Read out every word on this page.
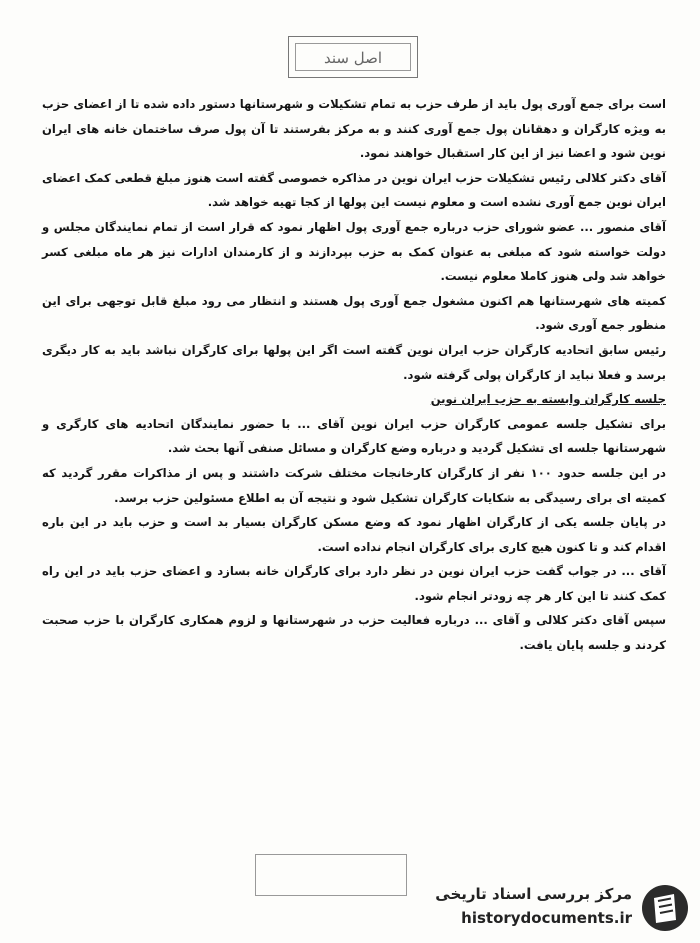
اصل سند

است برای جمع آوری پول باید از طرف حزب به تمام تشکیلات و شهرستانها دستور داده شده تا از اعضای حزب به ویژه کارگران و دهقانان پول جمع آوری کنند و به مرکز بفرستند تا آن پول صرف ساختمان خانه های ایران نوین شود و اعضا نیز از این کار استقبال خواهند نمود.

آقای دکتر کلالی رئیس تشکیلات حزب ایران نوین در مذاکره خصوصی گفته است هنوز مبلغ قطعی کمک اعضای ایران نوین جمع آوری نشده است و معلوم نیست این پولها از کجا تهیه خواهد شد.

آقای منصور ... عضو شورای حزب درباره جمع آوری پول اظهار نمود که قرار است از تمام نمایندگان مجلس و دولت خواسته شود که مبلغی به عنوان کمک به حزب بپردازند و از کارمندان ادارات نیز هر ماه مبلغی کسر خواهد شد ولی هنوز کاملا معلوم نیست.

کمیته های شهرستانها هم اکنون مشغول جمع آوری پول هستند و انتظار می رود مبلغ قابل توجهی برای این منظور جمع آوری شود.

رئیس سابق اتحادیه کارگران حزب ایران نوین گفته است اگر این پولها برای کارگران نباشد باید به کار دیگری برسد و فعلا نباید از کارگران پولی گرفته شود.

جلسه کارگران وابسته به حزب ایران نوین

برای تشکیل جلسه عمومی کارگران حزب ایران نوین آقای ... با حضور نمایندگان اتحادیه های کارگری و شهرستانها جلسه ای تشکیل گردید و درباره وضع کارگران و مسائل صنفی آنها بحث شد.

در این جلسه حدود ۱۰۰ نفر از کارگران کارخانجات مختلف شرکت داشتند و پس از مذاکرات مقرر گردید که کمیته ای برای رسیدگی به شکایات کارگران تشکیل شود و نتیجه آن به اطلاع مسئولین حزب برسد.

در پایان جلسه یکی از کارگران اظهار نمود که وضع مسکن کارگران بسیار بد است و حزب باید در این باره اقدام کند و تا کنون هیچ کاری برای کارگران انجام نداده است.

آقای ... در جواب گفت حزب ایران نوین در نظر دارد برای کارگران خانه بسازد و اعضای حزب باید در این راه کمک کنند تا این کار هر چه زودتر انجام شود.

سپس آقای دکتر کلالی و آقای ... درباره فعالیت حزب در شهرستانها و لزوم همکاری کارگران با حزب صحبت کردند و جلسه پایان یافت.

مرکز بررسی اسناد تاریخی
historydocuments.ir
